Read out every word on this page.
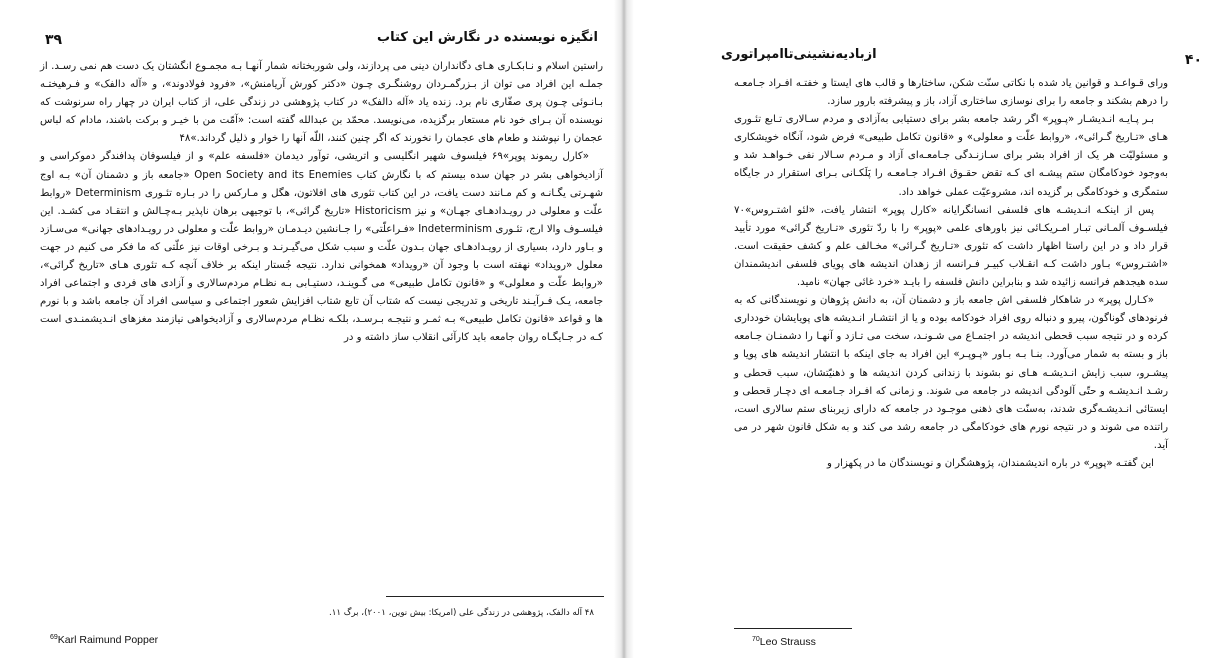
۳۹	انگیزه نویسنده در نگارش این کتاب

راستین اسلام و نـابکـاری هـای دگانداران دینی می پردازند، ولی شوربختانه شمار آنهـا بـه مجمـوع انگشتان یک دست هم نمی رسـد. از جملـه این افراد می توان از بـزرگمـردان روشنگـری چـون «دکتر کورش آریامنش»، «فرود فولادوند»، و «آله دالفک» و فـرهیختـه بـانـوئی چـون پری صفّاری نام برد. زنده یاد «آله دالفک» در کتاب پژوهشی در زندگی علی، از کتاب ایران در چهار راه سرنوشت که نویسنده آن بـرای خود نام مستعار برگزیده، می‌نویسد. محمّد بن عبدالله گفته است: «آمّت من با خیـر و برکت باشند، مادام که لباس عجمان را نپوشند و طعام های عجمان را نخورند که اگر چنین کنند، اللّه آنها را خوار و ذلیل گرداند.»۴۸

«کارل ریموند پوپر»۶۹ فیلسوف شهیر انگلیسی و اتریشی، توآور دیدمان «فلسفه علم» و از فیلسوفان پدافندگر دموکراسی و آزادیخواهی بشر در جهان سده بیستم که با نگارش کتاب Open Society and its Enemies «جامعه باز و دشمنان آن» بـه اوج شهـرتی یگـانـه و کم مـانند دست یافت، در این کتاب تئوری های افلاتون، هگل و مـارکس را در بـاره تئـوری Determinism «روابط علّت و معلولی در رویـدادهـای جهـان» و نیز Historicism «تاریخ گرائی»، با توجیهی برهان ناپذیر بـه‌چـالش و انتقـاد می کشـد. این فیلسـوف والا ارج، تئـوری Indeterminism «فـراعلّتی» را جـانشین دیـدمـان «روابط علّت و معلولی در رویـدادهای جهانی» می‌سـازد و بـاور دارد، بسیاری از رویـدادهـای جهان بـدون علّت و سبب شکل می‌گیـرنـد و بـرخی اوقات نیز علّتی که ما فکر می کنیم در جهت معلول «رویداد» نهفته است با وجود آن «رویداد» همخوانی ندارد. نتیجه جُستار اینکه بر خلاف آنچه کـه تئوری هـای «تاریخ گرائی»، «روابط علّت و معلولی» و «قانون تکامل طبیعی» می گـوینـد، دستیـابی بـه نظـام مردم‌سالاری و آزادی های فردی و اجتماعی افراد جامعه، یـک فـرآیـند تاریخی و تدریجی نیست که شتاب آن تابع شتاب افزایش شعور اجتماعی و سیاسی افراد آن جامعه باشد و با نورم ها و قواعد «قانون تکامل طبیعی» بـه ثمـر و نتیجـه بـرسـد، بلکـه نظـام مردم‌سالاری و آزادیخواهی نیازمند مغزهای انـدیشمنـدی است کـه در جـایگـاه روان جامعه باید کارآئی انقلاب ساز داشته و در

۴۸ آله دالفک، پژوهشی در زندگی علی (امریکا: بیش نوین، ۲۰۰۱)، برگ ۱۱.
$^{69}$Karl Raimund Popper
۴۰
ازبادیه‌نشینی‌تاامپراتوری

ورای قـواعـد و قوانین یاد شده با نکاتی سنّت شکن، ساختارها و قالب های ایستا و خفتـه افـراد جـامعـه را درهم بشکند و جامعه را برای نوسازی ساختاری آزاد، باز و پیشرفته بارور سازد.

بـر پـایـه انـدیشـار «پـوپر» اگر رشد جامعه بشر برای دستیابی به‌آزادی و مردم سـالاری تـابع تئـوری هـای «تـاریخ گـرائی»، «روابط علّت و معلولی» و «قانون تکامل طبیعی» فرض شود، آنگاه خویشکاری و مسئولیّت هر یک از افراد بشر برای سـازنـدگی جـامعـه‌ای آزاد و مـردم سـالار نفی خـواهـد شد و به‌وجود خودکامگان ستم پیشـه ای کـه تقض حقـوق افـراد جـامعـه را پَلَکـانی بـرای استقرار در جایگاه ستمگری و خودکامگی بر گزیده اند، مشروعیّت عملی خواهد داد.

پس از اینکـه انـدیشـه های فلسفی انسانگرایانه «کارل پوپر» انتشار یافت، «لئو اشتـروس»۷۰ فیلسـوف آلمـانی تبـار امـریکـائی نیز باورهای علمی «پوپر» را با ردّ تئوری «تـاریخ گرائی» مورد تأیید قرار داد و در این راستا اظهار داشت که تئوری «تـاریخ گـرائی» مخـالف علم و کشف حقیقت است. «اشتـروس» بـاور داشت کـه انقـلاب کبیـر فـرانسه از زهدان اندیشه های پویای فلسفی اندیشمندان سده هیجدهم فرانسه زائیده شد و بنابراین دانش فلسفه را بایـد «خرد غائی جهان» نامید.

«کـارل پوپر» در شاهکار فلسفی اش جامعه باز و دشمنان آن، به دانش پژوهان و نویسندگانی که به فرنودهای گوناگون، پیرو و دنباله روی افراد خودکامه بوده و یا از انتشـار انـدیشه های پویایشان خودداری کرده و در نتیجه سبب قحطی اندیشه در اجتمـاع می شـونـد، سخت می تـازد و آنهـا را دشمنـان جـامعه باز و بسته به شمار می‌آورد. بنـا بـه بـاور «پـوپـر» این افراد به جای اینکه با انتشار اندیشه های پویا و پیشـرو، سبب زایش انـدیشـه هـای نو بشوند با زندانی کردن اندیشه ها و ذهنیّتشان، سبب قحطی و رشـد انـدیشـه و حتّی آلودگی اندیشه در جامعه می شوند. و زمانی که افـراد جـامعـه ای دچـار قحطی و ایستائی انـدیشـه‌گری شدند، به‌سنّت های ذهنی موجـود در جامعه که دارای زیربنای ستم سالاری است، راتنده می شوند و در نتیجه نورم های خودکامگی در جامعه رشد می کند و به شکل قانون شهر در می آید.

این گفتـه «پوپر» در باره اندیشمندان، پژوهشگران و نویسندگان ما در پکهزار و

$^{70}$Leo Strauss
